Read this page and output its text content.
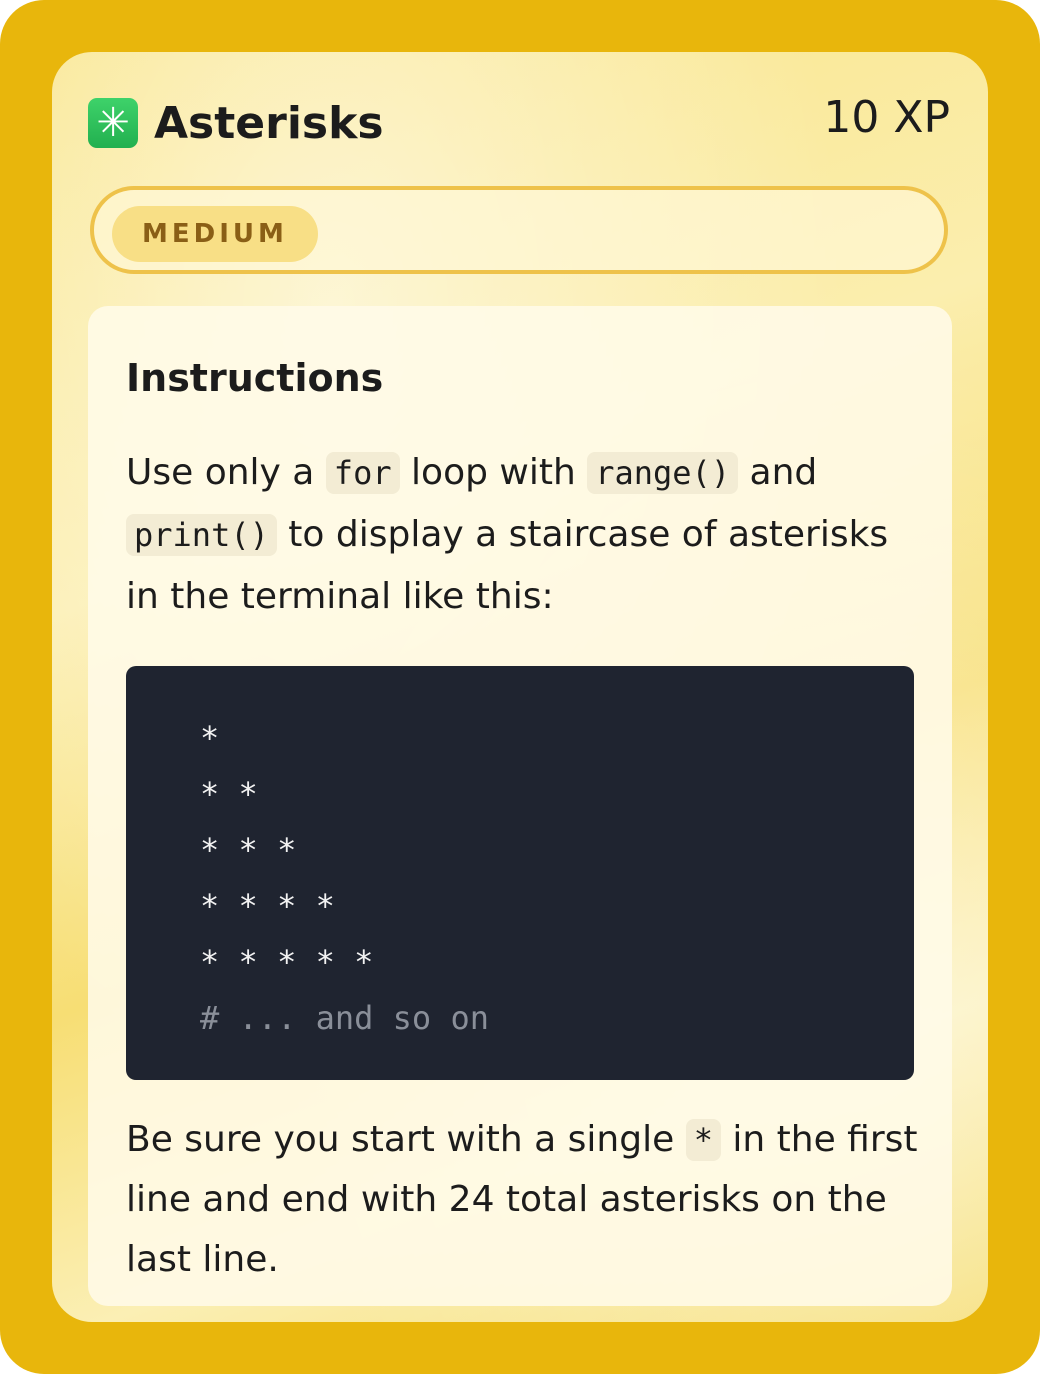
✳ Asterisks	10 XP
MEDIUM
Instructions

Use only a for loop with range() and print() to display a staircase of asterisks in the terminal like this:

*
* *
* * *
* * * *
* * * * *
# ... and so on

Be sure you start with a single * in the first line and end with 24 total asterisks on the last line.
